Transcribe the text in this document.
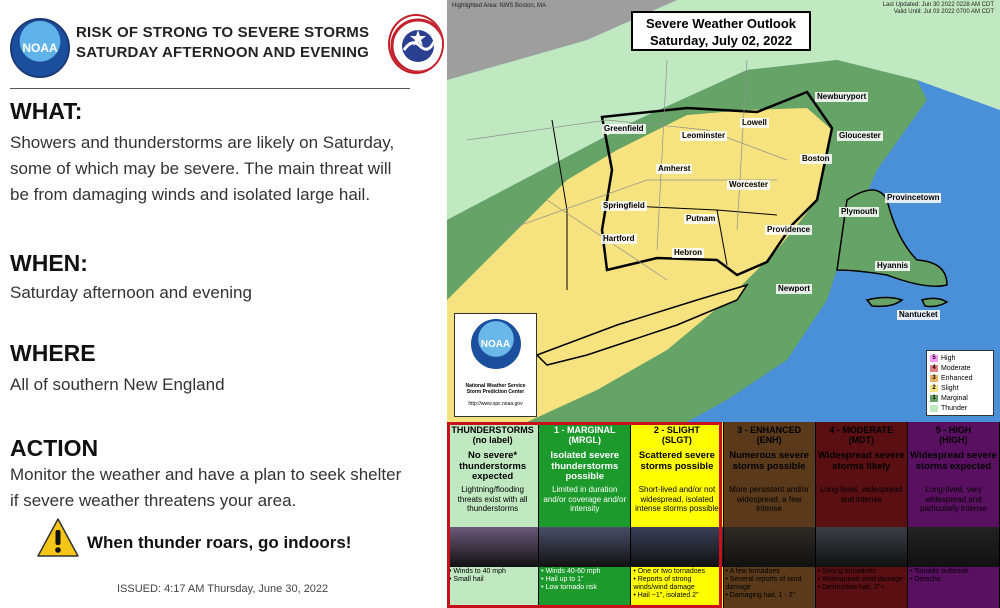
NOAA
RISK OF STRONG TO SEVERE STORMS SATURDAY AFTERNOON AND EVENING
WHAT:
Showers and thunderstorms are likely on Saturday, some of which may be severe. The main threat will be from damaging winds and isolated large hail.
WHEN:
Saturday afternoon and evening
WHERE
All of southern New England
ACTION
Monitor the weather and have a plan to seek shelter if severe weather threatens your area.
When thunder roars, go indoors!
ISSUED: 4:17 AM Thursday, June 30, 2022
Highlighted Area: NWS Boston, MA	Last Updated: Jun 30 2022 0228 AM CDT
Valid Until: Jul 03 2022 0700 AM CDT
Severe Weather Outlook
Saturday, July 02, 2022
Newburyport
Lowell
Gloucester
Greenfield
Leominster
Boston
Amherst
Worcester
Provincetown
Springfield
Putnam
Plymouth
Hartford
Providence
Hebron
Hyannis
Newport
Nantucket
NOAA
National Weather Service
Storm Prediction Center
http://www.spc.noaa.gov
5 High
4 Moderate
3 Enhanced
2 Slight
1 Marginal
Thunder
THUNDERSTORMS
(no label)
No severe* thunderstorms expected
Lightning/flooding threats exist with all thunderstorms
• Winds to 40 mph
• Small hail
1 - MARGINAL
(MRGL)
Isolated severe thunderstorms possible
Limited in duration and/or coverage and/or intensity
• Winds 40-60 mph
• Hail up to 1"
• Low tornado risk
2 - SLIGHT
(SLGT)
Scattered severe storms possible
Short-lived and/or not widespread, isolated intense storms possible
• One or two tornadoes
• Reports of strong winds/wind damage
• Hail ~1", isolated 2"
3 - ENHANCED
(ENH)
Numerous severe storms possible
More persistent and/or widespread, a few intense
• A few tornadoes
• Several reports of wind damage
• Damaging hail, 1 - 2"
4 - MODERATE
(MDT)
Widespread severe storms likely
Long-lived, widespread and intense
• Strong tornadoes
• Widespread wind damage
• Destructive hail, 2"+
5 - HIGH
(HIGH)
Widespread severe storms expected
Long-lived, very widespread and particularly intense
• Tornado outbreak
• Derecho
